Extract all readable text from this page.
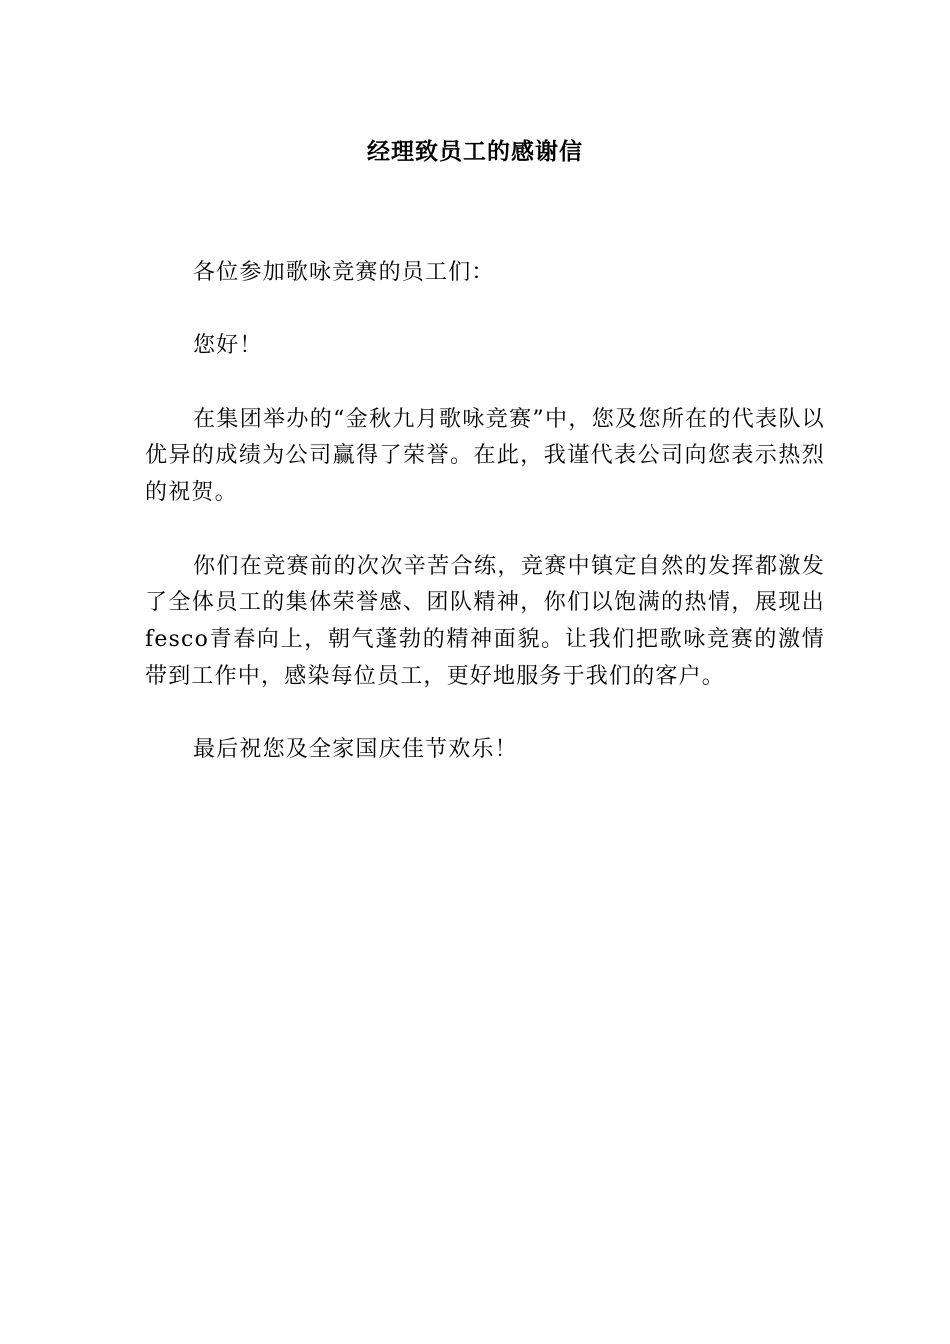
经理致员工的感谢信

各位参加歌咏竞赛的员工们：

您好！

在集团举办的“金秋九月歌咏竞赛”中，您及您所在的代表队以优异的成绩为公司赢得了荣誉。在此，我谨代表公司向您表示热烈的祝贺。

你们在竞赛前的次次辛苦合练，竞赛中镇定自然的发挥都激发了全体员工的集体荣誉感、团队精神，你们以饱满的热情，展现出fesco青春向上，朝气蓬勃的精神面貌。让我们把歌咏竞赛的激情带到工作中，感染每位员工，更好地服务于我们的客户。

最后祝您及全家国庆佳节欢乐！
